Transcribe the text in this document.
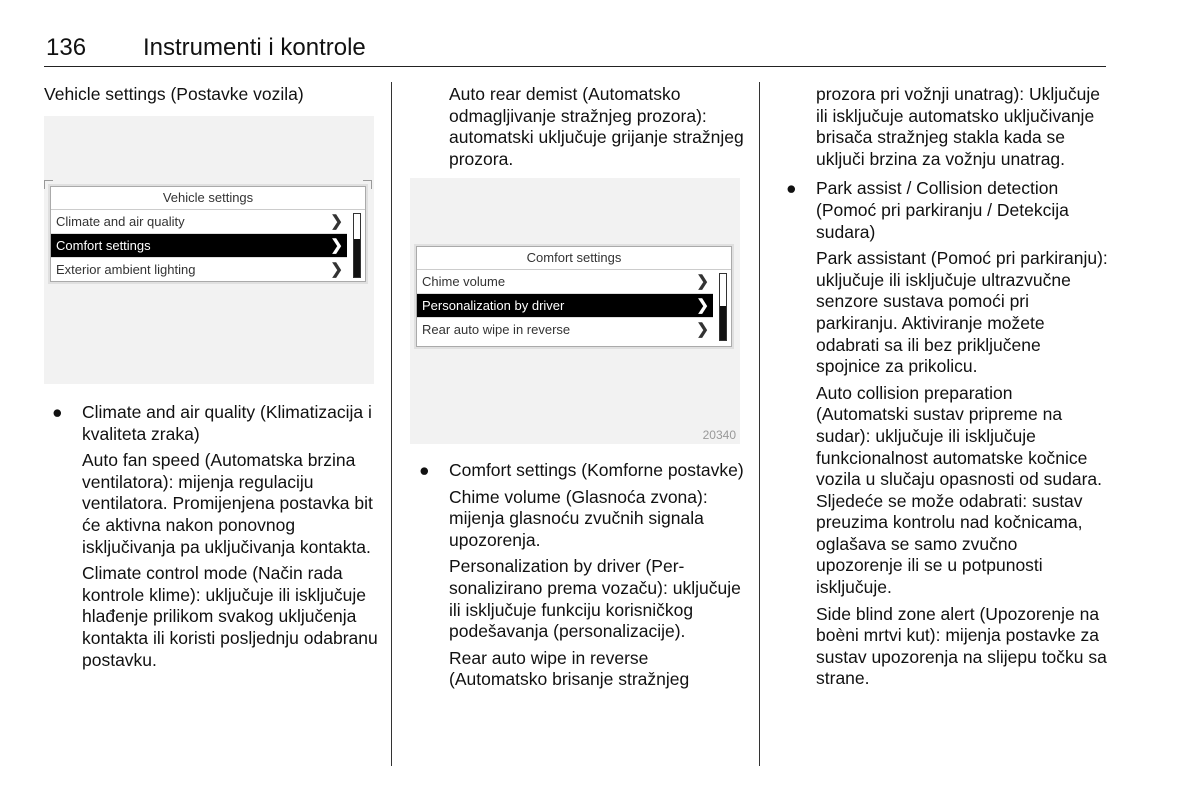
136 Instrumenti i kontrole

Vehicle settings (Postavke vozila)

Vehicle settings
Climate and air quality	❯
Comfort settings	❯
Exterior ambient lighting	❯

● Climate and air quality (Klimatizacija i kvaliteta zraka)

Auto fan speed (Automatska brzina ventilatora): mijenja regulaciju ventilatora. Promijenjena postavka bit će aktivna nakon ponovnog isključivanja pa uključivanja kontakta.

Climate control mode (Način rada kontrole klime): uključuje ili isključuje hlađenje prilikom svakog uključenja kontakta ili koristi posljednju odabranu postavku.

Auto rear demist (Automatsko odmagljivanje stražnjeg prozora): automatski uključuje grijanje stražnjeg prozora.

Comfort settings
Chime volume	❯
Personalization by driver	❯
Rear auto wipe in reverse	❯
20340

● Comfort settings (Komforne postavke)

Chime volume (Glasnoća zvona): mijenja glasnoću zvučnih signala upozorenja.

Personalization by driver (Per-sonalizirano prema vozaču): uključuje ili isključuje funkciju korisničkog podešavanja (personalizacije).

Rear auto wipe in reverse (Automatsko brisanje stražnjeg

prozora pri vožnji unatrag): Uključuje ili isključuje automatsko uključivanje brisača stražnjeg stakla kada se uključi brzina za vožnju unatrag.

● Park assist / Collision detection (Pomoć pri parkiranju / Detekcija sudara)

Park assistant (Pomoć pri parkiranju): uključuje ili isključuje ultrazvučne senzore sustava pomoći pri parkiranju. Aktiviranje možete odabrati sa ili bez priključene spojnice za prikolicu.

Auto collision preparation (Automatski sustav pripreme na sudar): uključuje ili isključuje funkcionalnost automatske kočnice vozila u slučaju opasnosti od sudara. Sljedeće se može odabrati: sustav preuzima kontrolu nad kočnicama, oglašava se samo zvučno upozorenje ili se u potpunosti isključuje.

Side blind zone alert (Upozorenje na boèni mrtvi kut): mijenja postavke za sustav upozorenja na slijepu točku sa strane.
